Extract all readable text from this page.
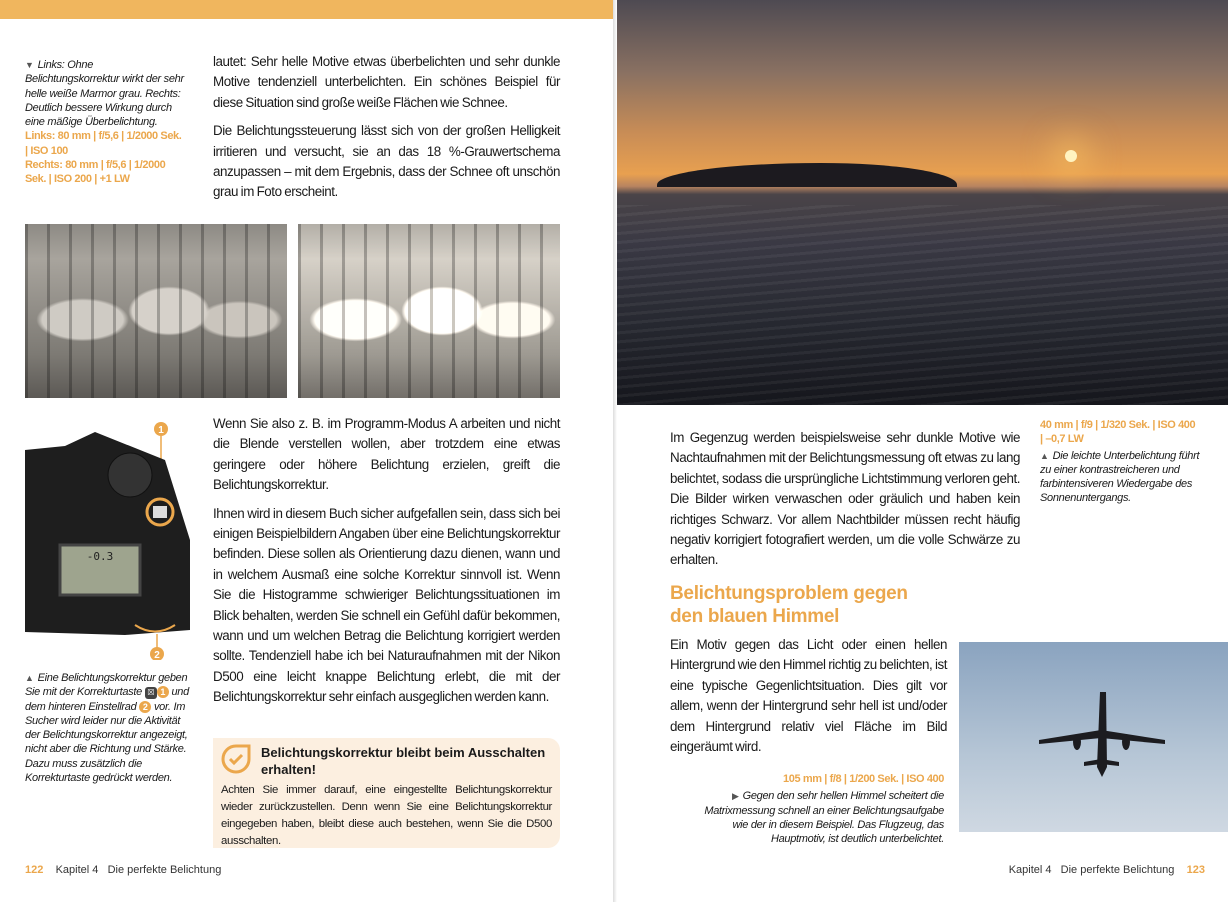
▼ Links: Ohne Belichtungskorrektur wirkt der sehr helle weiße Marmor grau. Rechts: Deutlich bessere Wirkung durch eine mäßige Überbelichtung.
Links: 80 mm | f/5,6 | 1/2000 Sek. | ISO 100
Rechts: 80 mm | f/5,6 | 1/2000 Sek. | ISO 200 | +1 LW

lautet: Sehr helle Motive etwas überbelichten und sehr dunkle Motive tendenziell unterbelichten. Ein schönes Beispiel für diese Situation sind große weiße Flächen wie Schnee.

Die Belichtungssteuerung lässt sich von der großen Helligkeit irritieren und versucht, sie an das 18 %-Grauwertschema anzupassen – mit dem Ergebnis, dass der Schnee oft unschön grau im Foto erscheint.

1
-0.3
2
▲ Eine Belichtungskorrektur geben Sie mit der Korrekturtaste ☒ 1 und dem hinteren Einstellrad 2 vor. Im Sucher wird leider nur die Aktivität der Belichtungskorrektur angezeigt, nicht aber die Richtung und Stärke. Dazu muss zusätzlich die Korrekturtaste gedrückt werden.

Wenn Sie also z. B. im Programm-Modus A arbeiten und nicht die Blende verstellen wollen, aber trotzdem eine etwas geringere oder höhere Belichtung erzielen, greift die Belichtungskorrektur.

Ihnen wird in diesem Buch sicher aufgefallen sein, dass sich bei einigen Beispielbildern Angaben über eine Belichtungskorrektur befinden. Diese sollen als Orientierung dazu dienen, wann und in welchem Ausmaß eine solche Korrektur sinnvoll ist. Wenn Sie die Histogramme schwieriger Belichtungssituationen im Blick behalten, werden Sie schnell ein Gefühl dafür bekommen, wann und um welchen Betrag die Belichtung korrigiert werden sollte. Tendenziell habe ich bei Naturaufnahmen mit der Nikon D500 eine leicht knappe Belichtung erlebt, die mit der Belichtungskorrektur sehr einfach ausgeglichen werden kann.

Belichtungskorrektur bleibt beim Ausschalten erhalten!
Achten Sie immer darauf, eine eingestellte Belichtungskorrektur wieder zurückzustellen. Denn wenn Sie eine Belichtungskorrektur eingegeben haben, bleibt diese auch bestehen, wenn Sie die D500 ausschalten.
122 Kapitel 4 Die perfekte Belichtung
40 mm | f/9 | 1/320 Sek. | ISO 400 | –0,7 LW
▲ Die leichte Unterbelichtung führt zu einer kontrastreicheren und farbintensiveren Wiedergabe des Sonnenuntergangs.

Im Gegenzug werden beispielsweise sehr dunkle Motive wie Nachtaufnahmen mit der Belichtungsmessung oft etwas zu lang belichtet, sodass die ursprüngliche Lichtstimmung verloren geht. Die Bilder wirken verwaschen oder gräulich und haben kein richtiges Schwarz. Vor allem Nachtbilder müssen recht häufig negativ korrigiert fotografiert werden, um die volle Schwärze zu erhalten.

Belichtungsproblem gegen den blauen Himmel

Ein Motiv gegen das Licht oder einen hellen Hintergrund wie den Himmel richtig zu belichten, ist eine typische Gegenlichtsituation. Dies gilt vor allem, wenn der Hintergrund sehr hell ist und/oder dem Hintergrund relativ viel Fläche im Bild eingeräumt wird.

105 mm | f/8 | 1/200 Sek. | ISO 400
▶ Gegen den sehr hellen Himmel scheitert die Matrixmessung schnell an einer Belichtungsaufgabe wie der in diesem Beispiel. Das Flugzeug, das Hauptmotiv, ist deutlich unterbelichtet.
Kapitel 4 Die perfekte Belichtung 123
